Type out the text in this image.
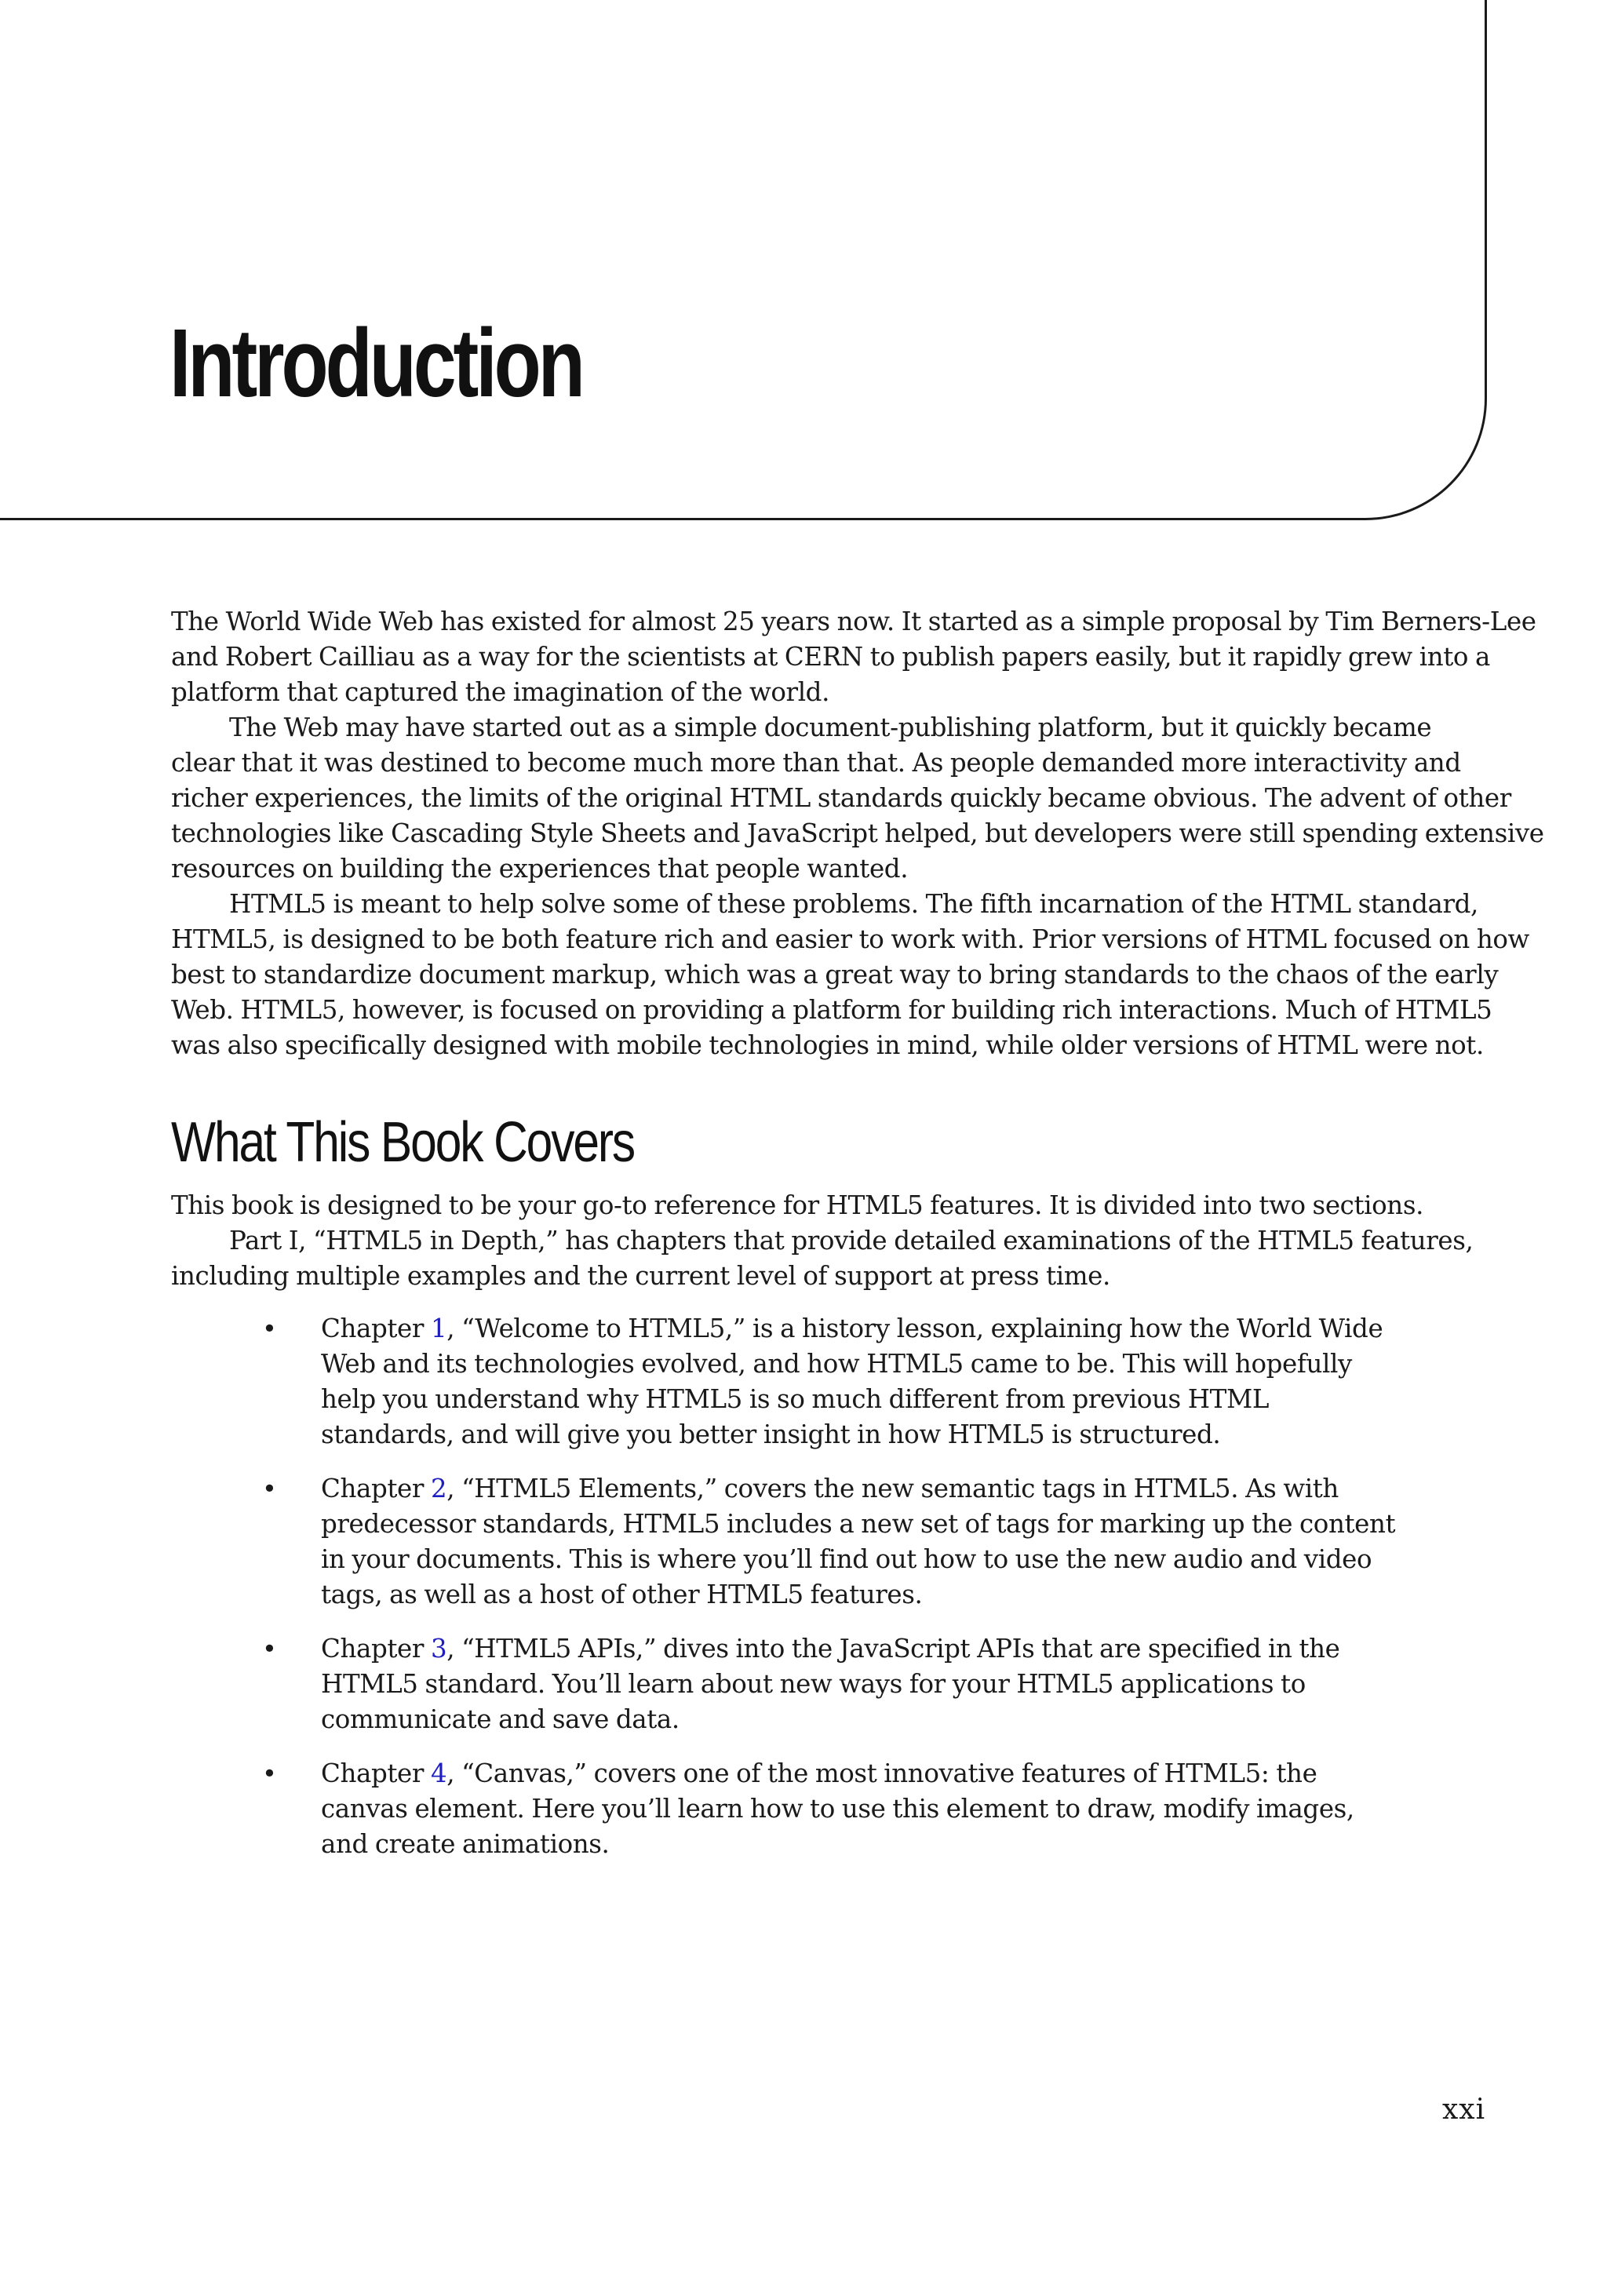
Introduction

The World Wide Web has existed for almost 25 years now. It started as a simple proposal by Tim Berners-Lee
and Robert Cailliau as a way for the scientists at CERN to publish papers easily, but it rapidly grew into a
platform that captured the imagination of the world.

The Web may have started out as a simple document-publishing platform, but it quickly became
clear that it was destined to become much more than that. As people demanded more interactivity and
richer experiences, the limits of the original HTML standards quickly became obvious. The advent of other
technologies like Cascading Style Sheets and JavaScript helped, but developers were still spending extensive
resources on building the experiences that people wanted.

HTML5 is meant to help solve some of these problems. The fifth incarnation of the HTML standard,
HTML5, is designed to be both feature rich and easier to work with. Prior versions of HTML focused on how
best to standardize document markup, which was a great way to bring standards to the chaos of the early
Web. HTML5, however, is focused on providing a platform for building rich interactions. Much of HTML5
was also specifically designed with mobile technologies in mind, while older versions of HTML were not.

What This Book Covers

This book is designed to be your go-to reference for HTML5 features. It is divided into two sections.

Part I, “HTML5 in Depth,” has chapters that provide detailed examinations of the HTML5 features,
including multiple examples and the current level of support at press time.

• Chapter 1, “Welcome to HTML5,” is a history lesson, explaining how the World Wide
Web and its technologies evolved, and how HTML5 came to be. This will hopefully
help you understand why HTML5 is so much different from previous HTML
standards, and will give you better insight in how HTML5 is structured.
• Chapter 2, “HTML5 Elements,” covers the new semantic tags in HTML5. As with
predecessor standards, HTML5 includes a new set of tags for marking up the content
in your documents. This is where you’ll find out how to use the new audio and video
tags, as well as a host of other HTML5 features.
• Chapter 3, “HTML5 APIs,” dives into the JavaScript APIs that are specified in the
HTML5 standard. You’ll learn about new ways for your HTML5 applications to
communicate and save data.
• Chapter 4, “Canvas,” covers one of the most innovative features of HTML5: the
canvas element. Here you’ll learn how to use this element to draw, modify images,
and create animations.
xxi
